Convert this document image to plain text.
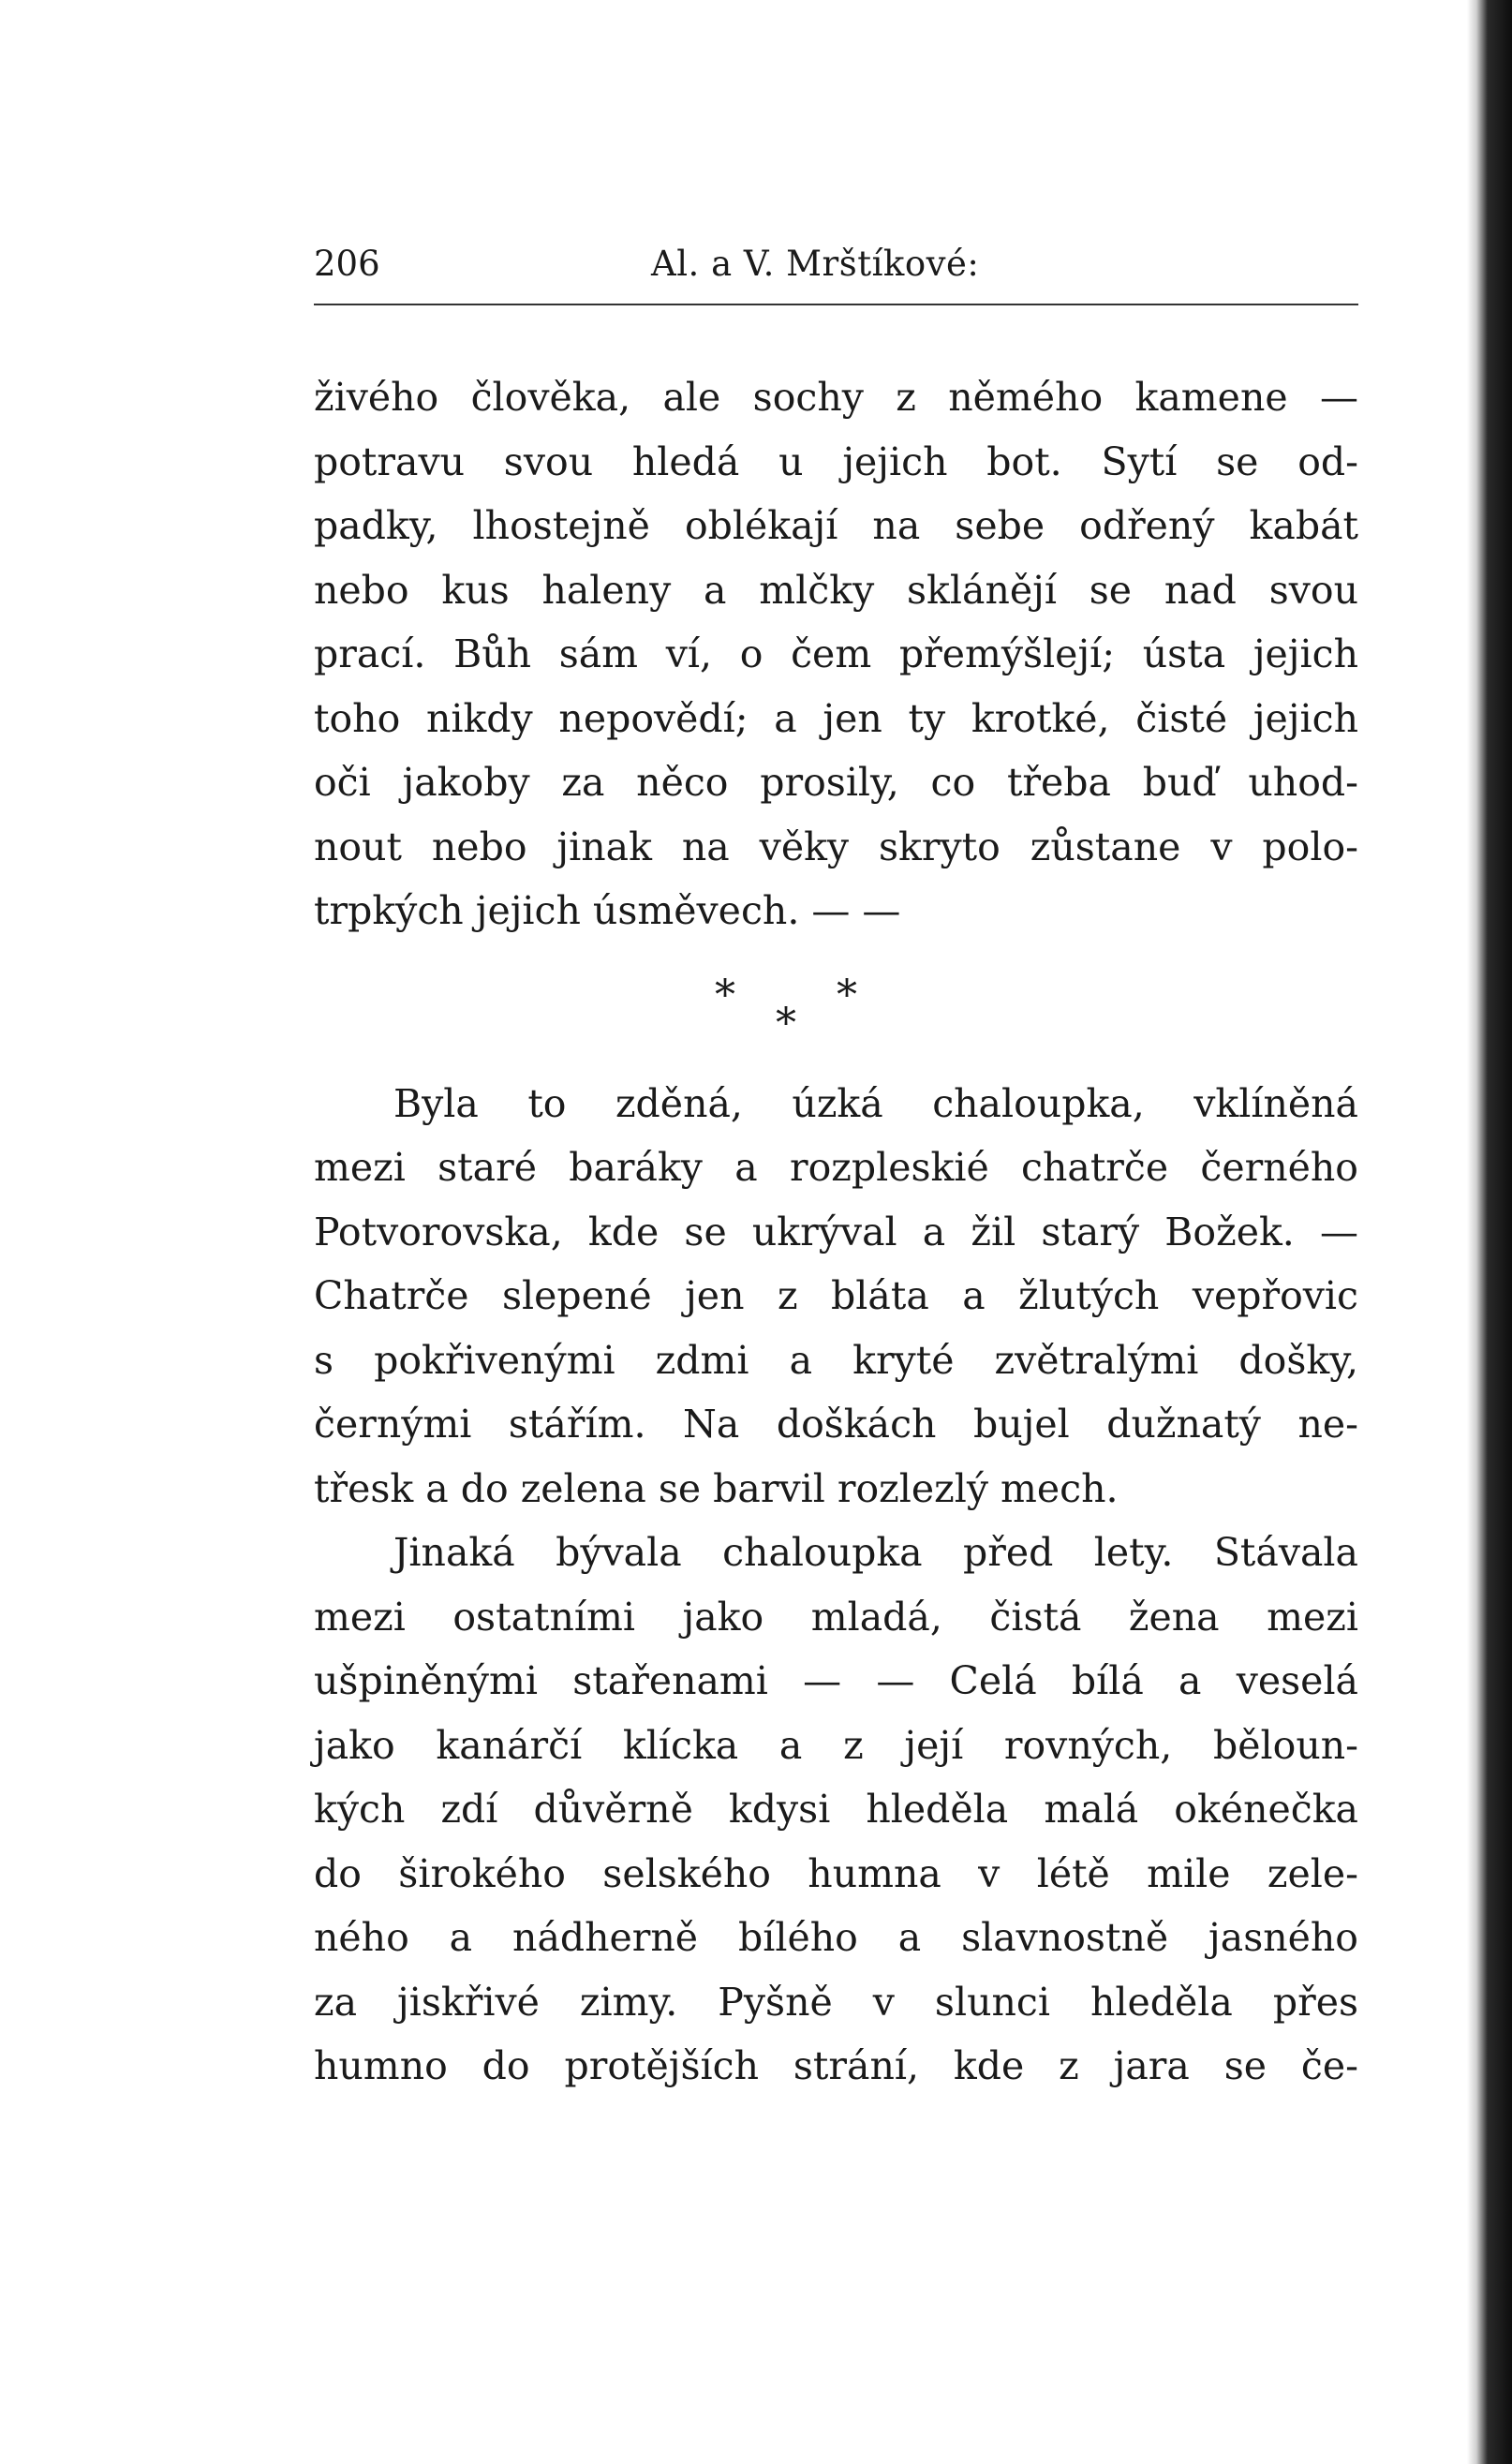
206	Al. a V. Mrštíkové:
živého člověka, ale sochy z němého kamene —
potravu svou hledá u jejich bot. Sytí se od-
padky, lhostejně oblékají na sebe odřený kabát
nebo kus haleny a mlčky sklánějí se nad svou
prací. Bůh sám ví, o čem přemýšlejí; ústa jejich
toho nikdy nepovědí; a jen ty krotké, čisté jejich
oči jakoby za něco prosily, co třeba buď uhod-
nout nebo jinak na věky skryto zůstane v polo-
trpkých jejich úsměvech. — —
* *
*
Byla to zděná, úzká chaloupka, vklíněná
mezi staré baráky a rozpleskié chatrče černého
Potvorovska, kde se ukrýval a žil starý Božek. —
Chatrče slepené jen z bláta a žlutých vepřovic
s pokřivenými zdmi a kryté zvětralými došky,
černými stářím. Na doškách bujel dužnatý ne-
třesk a do zelena se barvil rozlezlý mech.
Jinaká bývala chaloupka před lety. Stávala
mezi ostatními jako mladá, čistá žena mezi
ušpiněnými stařenami — — Celá bílá a veselá
jako kanárčí klícka a z její rovných, běloun-
kých zdí důvěrně kdysi hleděla malá okénečka
do širokého selského humna v létě mile zele-
ného a nádherně bílého a slavnostně jasného
za jiskřivé zimy. Pyšně v slunci hleděla přes
humno do protějších strání, kde z jara se če-
